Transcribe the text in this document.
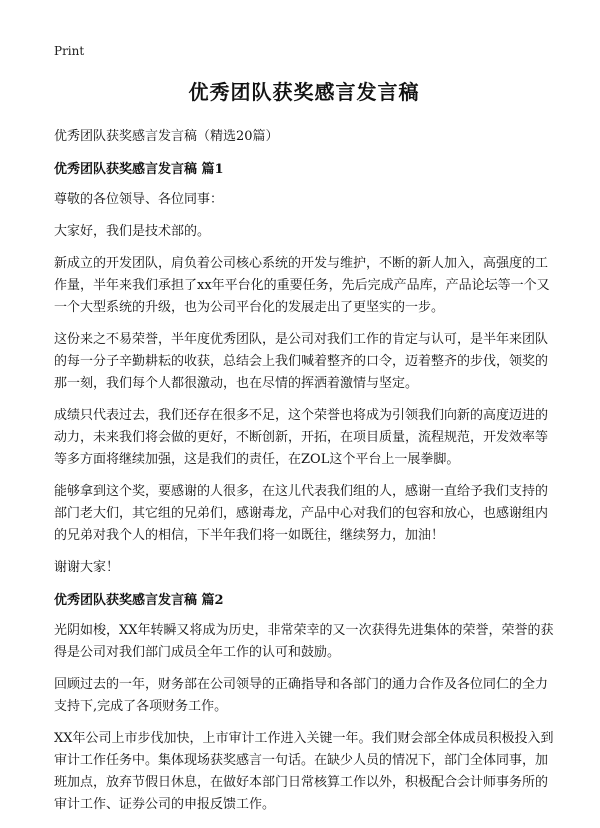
Print
优秀团队获奖感言发言稿
优秀团队获奖感言发言稿（精选20篇）
优秀团队获奖感言发言稿 篇1

尊敬的各位领导、各位同事：

大家好，我们是技术部的。

新成立的开发团队，肩负着公司核心系统的开发与维护，不断的新人加入，高强度的工作量，半年来我们承担了xx年平台化的重要任务，先后完成产品库，产品论坛等一个又一个大型系统的升级，也为公司平台化的发展走出了更坚实的一步。

这份来之不易荣誉，半年度优秀团队，是公司对我们工作的肯定与认可，是半年来团队的每一分子辛勤耕耘的收获，总结会上我们喊着整齐的口令，迈着整齐的步伐，领奖的那一刻，我们每个人都很激动，也在尽情的挥洒着激情与坚定。

成绩只代表过去，我们还存在很多不足，这个荣誉也将成为引领我们向新的高度迈进的动力，未来我们将会做的更好，不断创新，开拓，在项目质量，流程规范，开发效率等等多方面将继续加强，这是我们的责任，在ZOL这个平台上一展拳脚。

能够拿到这个奖，要感谢的人很多，在这儿代表我们组的人，感谢一直给予我们支持的部门老大们，其它组的兄弟们，感谢毒龙，产品中心对我们的包容和放心，也感谢组内的兄弟对我个人的相信，下半年我们将一如既往，继续努力，加油！

谢谢大家！

优秀团队获奖感言发言稿 篇2

光阴如梭，XX年转瞬又将成为历史，非常荣幸的又一次获得先进集体的荣誉，荣誉的获得是公司对我们部门成员全年工作的认可和鼓励。

回顾过去的一年，财务部在公司领导的正确指导和各部门的通力合作及各位同仁的全力支持下,完成了各项财务工作。

XX年公司上市步伐加快，上市审计工作进入关键一年。我们财会部全体成员积极投入到审计工作任务中。集体现场获奖感言一句话。在缺少人员的情况下，部门全体同事，加班加点，放弃节假日休息，在做好本部门日常核算工作以外，积极配合会计师事务所的审计工作、证券公司的申报反馈工作。
